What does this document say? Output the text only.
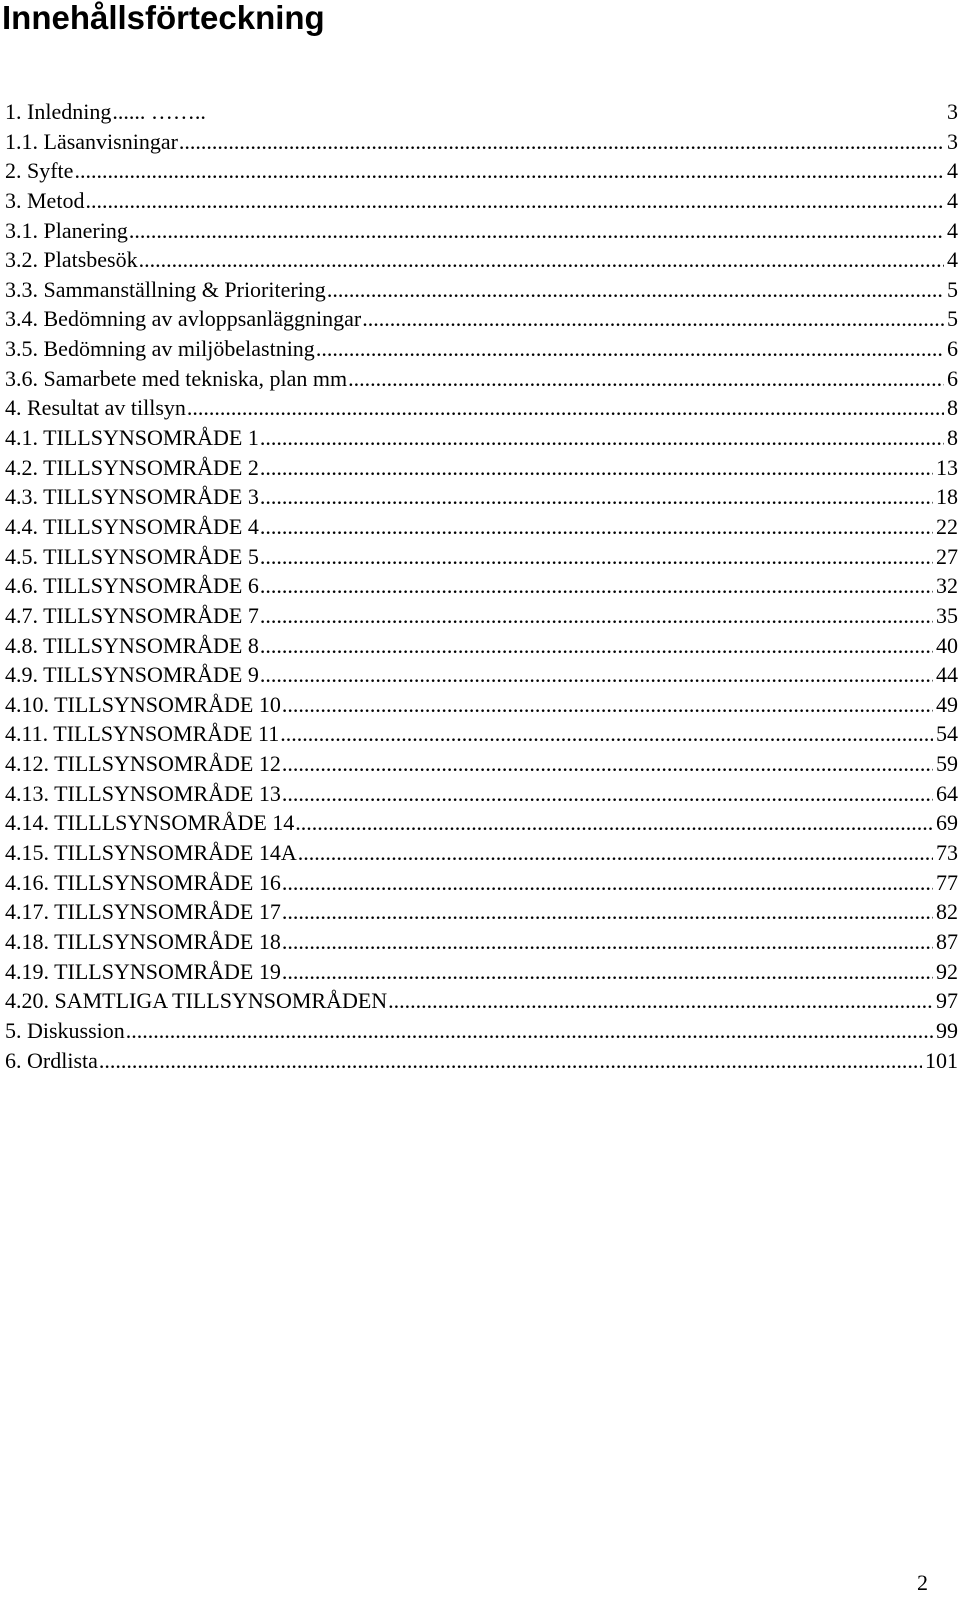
Innehållsförteckning
1. Inledning ...... ……..	3
1.1. Läsanvisningar .....	3
2. Syfte .....	4
3. Metod .....	4
3.1. Planering .....	4
3.2. Platsbesök .....	4
3.3. Sammanställning & Prioritering .....	5
3.4. Bedömning av avloppsanläggningar .....	5
3.5. Bedömning av miljöbelastning .....	6
3.6. Samarbete med tekniska, plan mm .....	6
4. Resultat av tillsyn .....	8
4.1. TILLSYNSOMRÅDE 1 .....	8
4.2. TILLSYNSOMRÅDE 2 .....	13
4.3. TILLSYNSOMRÅDE 3 .....	18
4.4. TILLSYNSOMRÅDE 4 .....	22
4.5. TILLSYNSOMRÅDE 5 .....	27
4.6. TILLSYNSOMRÅDE 6 .....	32
4.7. TILLSYNSOMRÅDE 7 .....	35
4.8. TILLSYNSOMRÅDE 8 .....	40
4.9. TILLSYNSOMRÅDE 9 .....	44
4.10. TILLSYNSOMRÅDE 10 .....	49
4.11. TILLSYNSOMRÅDE 11 .....	54
4.12. TILLSYNSOMRÅDE 12 .....	59
4.13. TILLSYNSOMRÅDE 13 .....	64
4.14. TILLLSYNSOMRÅDE 14 .....	69
4.15. TILLSYNSOMRÅDE 14A .....	73
4.16. TILLSYNSOMRÅDE 16 .....	77
4.17. TILLSYNSOMRÅDE 17 .....	82
4.18. TILLSYNSOMRÅDE 18 .....	87
4.19. TILLSYNSOMRÅDE 19 .....	92
4.20. SAMTLIGA TILLSYNSOMRÅDEN .....	97
5. Diskussion .....	99
6. Ordlista .....	101
2
